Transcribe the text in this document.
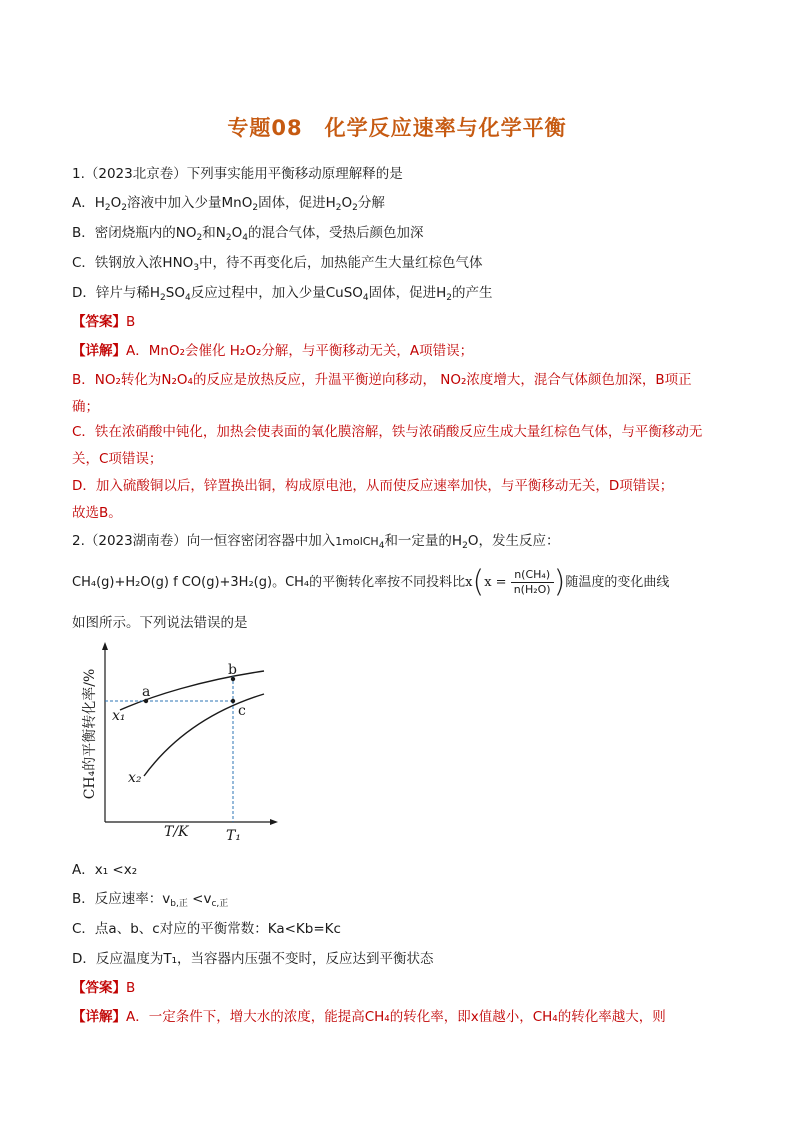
专题08　化学反应速率与化学平衡
1.（2023北京卷）下列事实能用平衡移动原理解释的是
A．$H_2O_2$溶液中加入少量MnO$_2$固体，促进$H_2O_2$分解
B．密闭烧瓶内的$NO_2$和$N_2O_4$的混合气体，受热后颜色加深
C．铁钢放入浓$HNO_3$中，待不再变化后，加热能产生大量红棕色气体
D．锌片与稀$H_2SO_4$反应过程中，加入少量CuSO$_4$固体，促进$H_2$的产生
【答案】B
【详解】A．MnO₂会催化 H₂O₂分解，与平衡移动无关，A项错误；
B．NO₂转化为N₂O₄的反应是放热反应，升温平衡逆向移动， NO₂浓度增大，混合气体颜色加深，B项正
确；
C．铁在浓硝酸中钝化，加热会使表面的氧化膜溶解，铁与浓硝酸反应生成大量红棕色气体，与平衡移动无
关，C项错误；
D．加入硫酸铜以后，锌置换出铜，构成原电池，从而使反应速率加快，与平衡移动无关，D项错误；
故选B。
2.（2023湖南卷）向一恒容密闭容器中加入1molCH$_4$和一定量的$H_2O$，发生反应：
CH₄(g)+H₂O(g) f CO(g)+3H₂(g)。CH₄的平衡转化率按不同投料比$x(x = \frac{\text{n(CH₄)}}{\text{n(H₂O)}}$ )随温度的变化曲线
如图所示。下列说法错误的是
CH₄的平衡转化率/%	a
b
c
x₁
x₂
T₁
T/K
A．x₁ <x₂
B．反应速率：$v_{b,正} <v_{c,正}$
C．点a、b、c对应的平衡常数：Ka<Kb=Kc
D．反应温度为T₁，当容器内压强不变时，反应达到平衡状态
【答案】B
【详解】A．一定条件下，增大水的浓度，能提高CH₄的转化率，即x值越小，CH₄的转化率越大，则
